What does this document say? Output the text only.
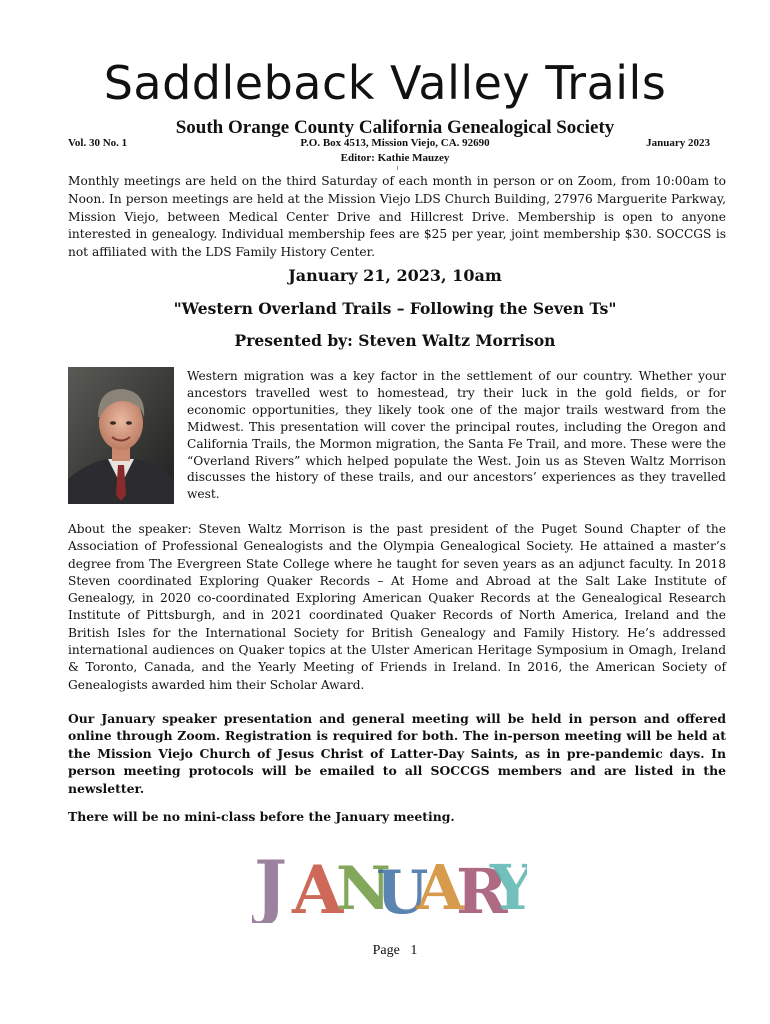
Saddleback Valley Trails
South Orange County California Genealogical Society
Vol. 30 No. 1	P.O. Box 4513, Mission Viejo, CA. 92690	January 2023
Editor: Kathie Mauzey

Monthly meetings are held on the third Saturday of each month in person or on Zoom, from 10:00am to Noon. In person meetings are held at the Mission Viejo LDS Church Building, 27976 Marguerite Parkway, Mission Viejo, between Medical Center Drive and Hillcrest Drive. Membership is open to anyone interested in genealogy. Individual membership fees are $25 per year, joint membership $30. SOCCGS is not affiliated with the LDS Family History Center.

January 21, 2023, 10am
"Western Overland Trails – Following the Seven Ts"
Presented by: Steven Waltz Morrison

Western migration was a key factor in the settlement of our country. Whether your ancestors travelled west to homestead, try their luck in the gold fields, or for economic opportunities, they likely took one of the major trails westward from the Midwest. This presentation will cover the principal routes, including the Oregon and California Trails, the Mormon migration, the Santa Fe Trail, and more. These were the “Overland Rivers” which helped populate the West. Join us as Steven Waltz Morrison discusses the history of these trails, and our ancestors’ experiences as they travelled west.

About the speaker: Steven Waltz Morrison is the past president of the Puget Sound Chapter of the Association of Professional Genealogists and the Olympia Genealogical Society. He attained a master’s degree from The Evergreen State College where he taught for seven years as an adjunct faculty. In 2018 Steven coordinated Exploring Quaker Records – At Home and Abroad at the Salt Lake Institute of Genealogy, in 2020 co-coordinated Exploring American Quaker Records at the Genealogical Research Institute of Pittsburgh, and in 2021 coordinated Quaker Records of North America, Ireland and the British Isles for the International Society for British Genealogy and Family History. He’s addressed international audiences on Quaker topics at the Ulster American Heritage Symposium in Omagh, Ireland & Toronto, Canada, and the Yearly Meeting of Friends in Ireland. In 2016, the American Society of Genealogists awarded him their Scholar Award.

Our January speaker presentation and general meeting will be held in person and offered online through Zoom. Registration is required for both. The in-person meeting will be held at the Mission Viejo Church of Jesus Christ of Latter-Day Saints, as in pre-pandemic days. In person meeting protocols will be emailed to all SOCCGS members and are listed in the newsletter.

There will be no mini-class before the January meeting.
J A
N
U
A
R
Y
Page 1
